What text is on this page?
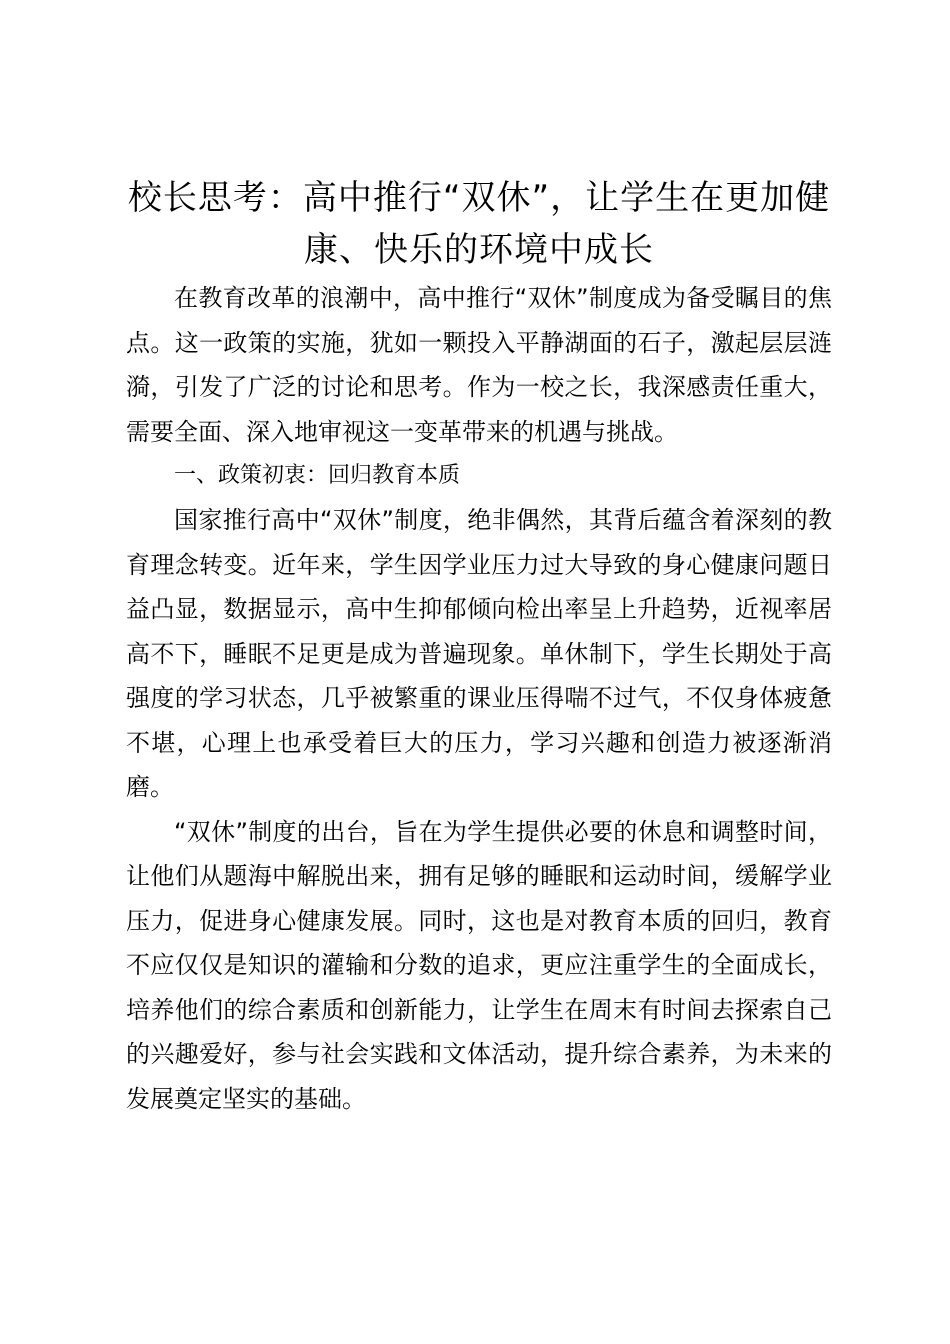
校长思考：高中推行“双休”，让学生在更加健康、快乐的环境中成长

在教育改革的浪潮中，高中推行“双休”制度成为备受瞩目的焦点。这一政策的实施，犹如一颗投入平静湖面的石子，激起层层涟漪，引发了广泛的讨论和思考。作为一校之长，我深感责任重大，需要全面、深入地审视这一变革带来的机遇与挑战。

一、政策初衷：回归教育本质

国家推行高中“双休”制度，绝非偶然，其背后蕴含着深刻的教育理念转变。近年来，学生因学业压力过大导致的身心健康问题日益凸显，数据显示，高中生抑郁倾向检出率呈上升趋势，近视率居高不下，睡眠不足更是成为普遍现象。单休制下，学生长期处于高强度的学习状态，几乎被繁重的课业压得喘不过气，不仅身体疲惫不堪，心理上也承受着巨大的压力，学习兴趣和创造力被逐渐消磨。

“双休”制度的出台，旨在为学生提供必要的休息和调整时间，让他们从题海中解脱出来，拥有足够的睡眠和运动时间，缓解学业压力，促进身心健康发展。同时，这也是对教育本质的回归，教育不应仅仅是知识的灌输和分数的追求，更应注重学生的全面成长，培养他们的综合素质和创新能力，让学生在周末有时间去探索自己的兴趣爱好，参与社会实践和文体活动，提升综合素养，为未来的发展奠定坚实的基础。
